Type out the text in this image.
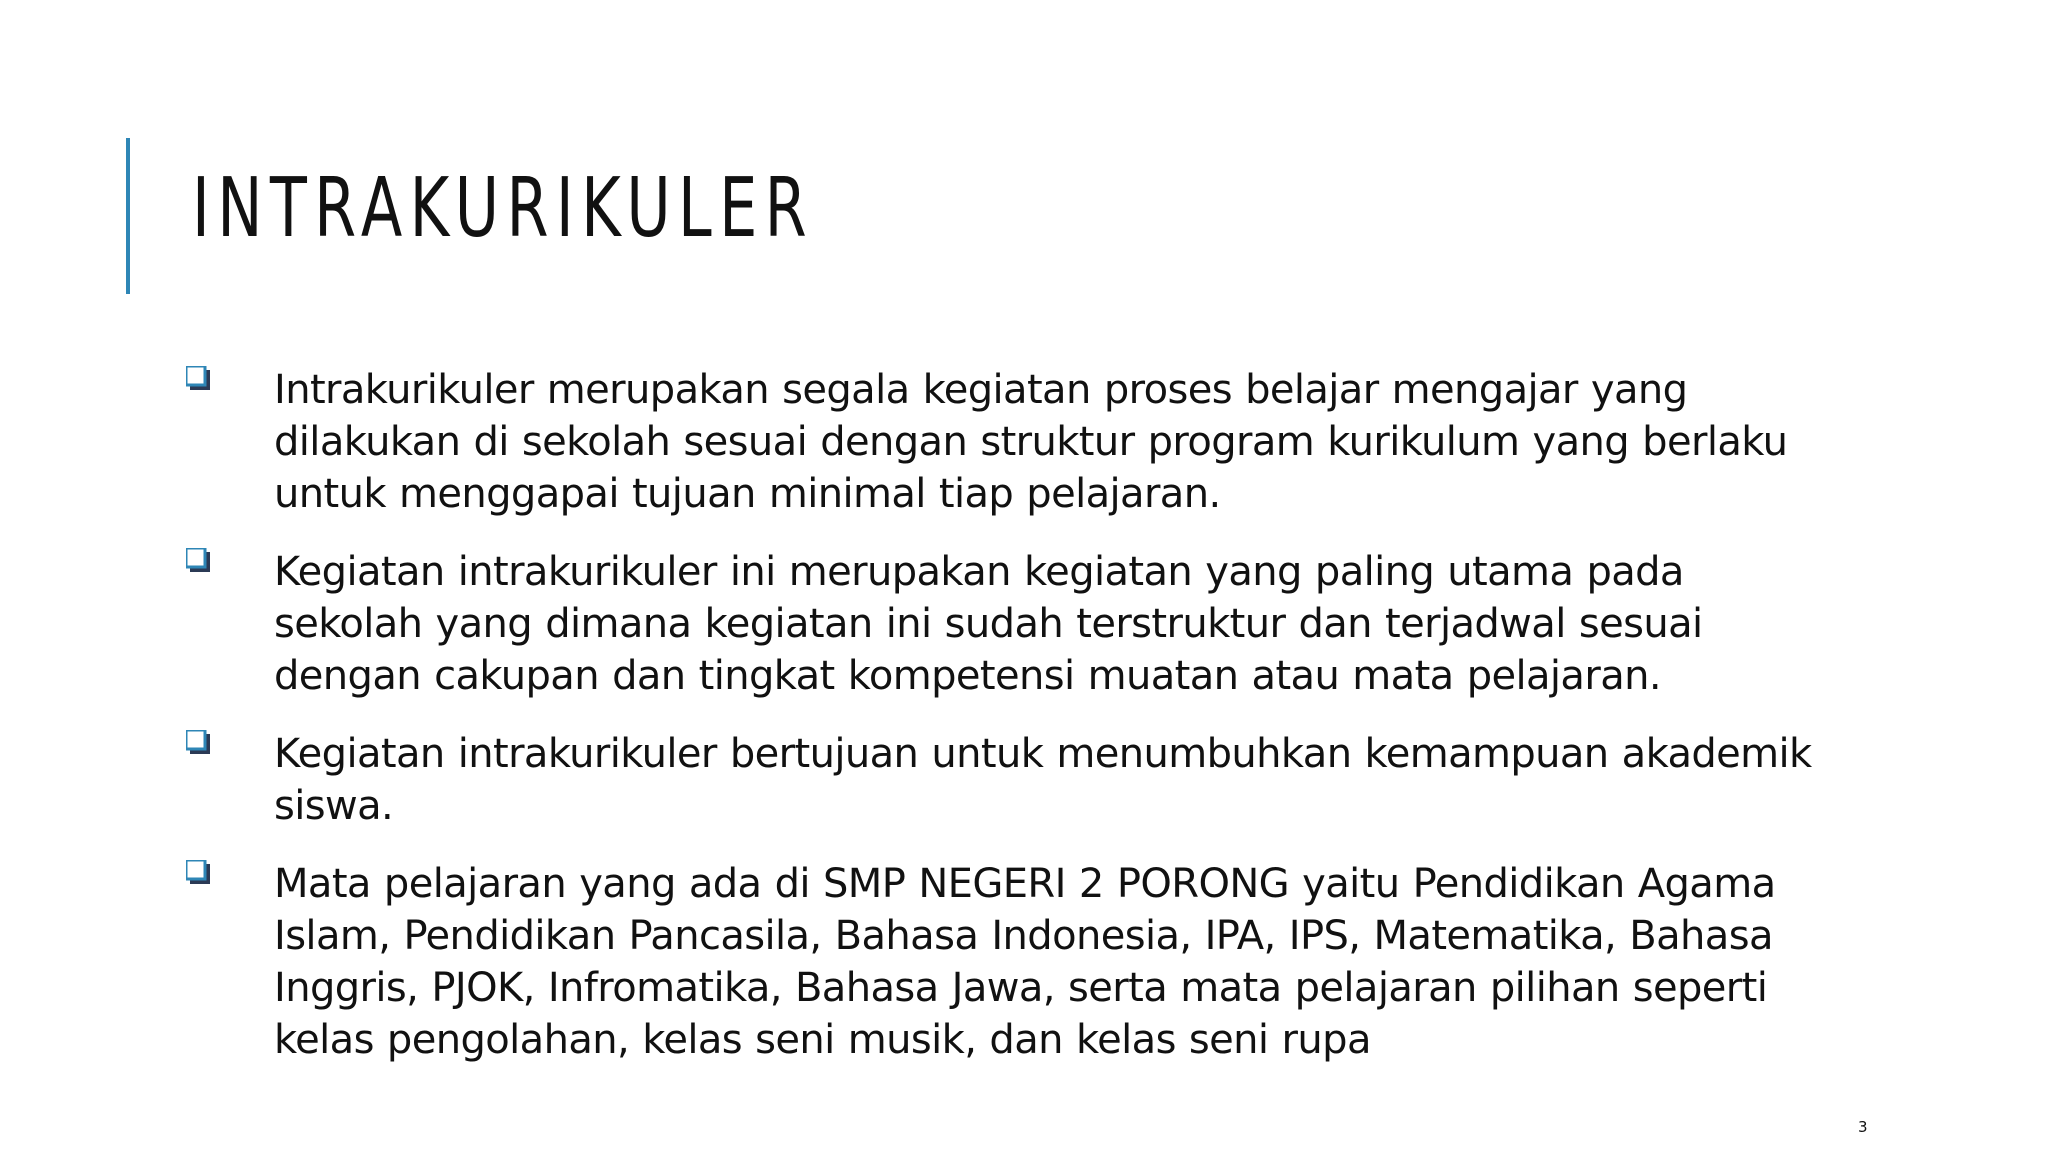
INTRAKURIKULER
Intrakurikuler merupakan segala kegiatan proses belajar mengajar yang dilakukan di sekolah sesuai dengan struktur program kurikulum yang berlaku untuk menggapai tujuan minimal tiap pelajaran.
Kegiatan intrakurikuler ini merupakan kegiatan yang paling utama pada sekolah yang dimana kegiatan ini sudah terstruktur dan terjadwal sesuai dengan cakupan dan tingkat kompetensi muatan atau mata pelajaran.
Kegiatan intrakurikuler bertujuan untuk menumbuhkan kemampuan akademik siswa.
Mata pelajaran yang ada di SMP NEGERI 2 PORONG yaitu Pendidikan Agama Islam, Pendidikan Pancasila, Bahasa Indonesia, IPA, IPS, Matematika, Bahasa Inggris, PJOK, Infromatika, Bahasa Jawa, serta mata pelajaran pilihan seperti kelas pengolahan, kelas seni musik, dan kelas seni rupa
3
